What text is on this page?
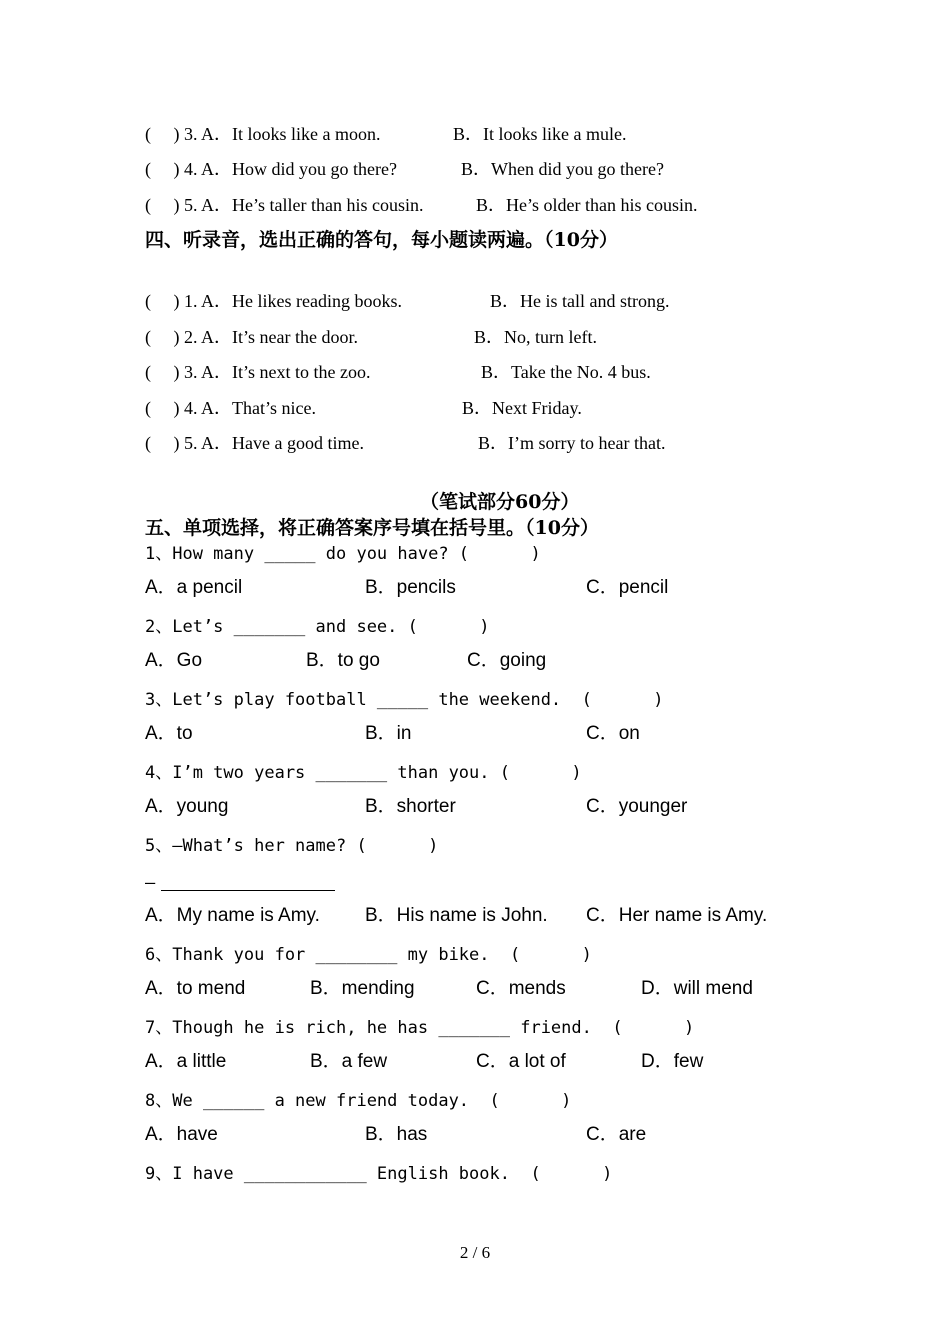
(     ) 3. A．It looks like a moon.	B．It looks like a mule.
(     ) 4. A．How did you go there?	B．When did you go there?
(     ) 5. A．He’s taller than his cousin.	B．He’s older than his cousin.
四、听录音，选出正确的答句，每小题读两遍。（10分）
(     ) 1. A．He likes reading books.	B．He is tall and strong.
(     ) 2. A．It’s near the door.	B．No, turn left.
(     ) 3. A．It’s next to the zoo.	B．Take the No. 4 bus.
(     ) 4. A．That’s nice.	B．Next Friday.
(     ) 5. A．Have a good time.	B．I’m sorry to hear that.
（笔试部分60分）
五、单项选择，将正确答案序号填在括号里。（10分）
1、How many _____ do you have? (      )
A．a pencil	B．pencils	C．pencil
2、Let’s _______ and see. (      )
A．Go	B．to go	C．going
3、Let’s play football _____ the weekend.  (      )
A．to	B．in	C．on
4、I’m two years _______ than you. (      )
A．young	B．shorter	C．younger
5、—What’s her name? (      )
—
A．My name is Amy. B．His name is John. C．Her name is Amy.
6、Thank you for ________ my bike.  (      )
A．to mend	B．mending	C．mends	D．will mend
7、Though he is rich, he has _______ friend.  (      )
A．a little	B．a few	C．a lot of	D．few
8、We ______ a new friend today.  (      )
A．have	B．has	C．are
9、I have ____________ English book.  (      )
2 / 6
